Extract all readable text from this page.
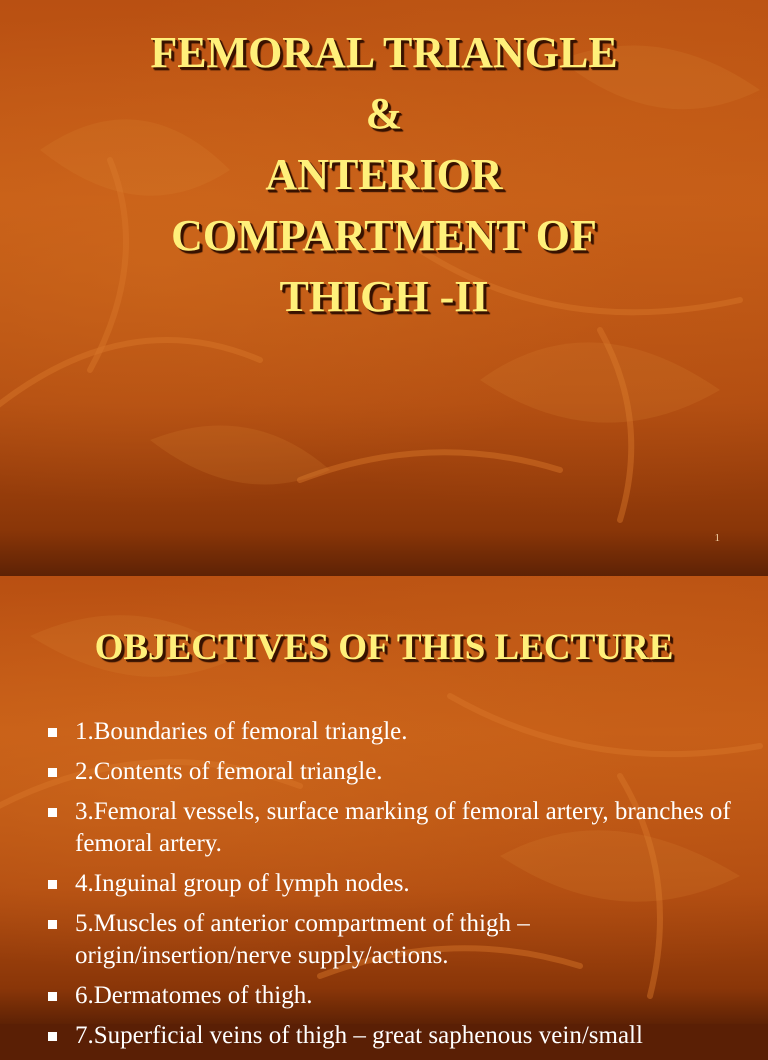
FEMORAL TRIANGLE
&
ANTERIOR
COMPARTMENT OF
THIGH -II
1
OBJECTIVES OF THIS LECTURE
1.Boundaries of femoral triangle.
2.Contents of femoral triangle.
3.Femoral vessels, surface marking of femoral artery, branches of femoral artery.
4.Inguinal group of lymph nodes.
5.Muscles of anterior compartment of thigh – origin/insertion/nerve supply/actions.
6.Dermatomes of thigh.
7.Superficial veins of thigh – great saphenous vein/small
